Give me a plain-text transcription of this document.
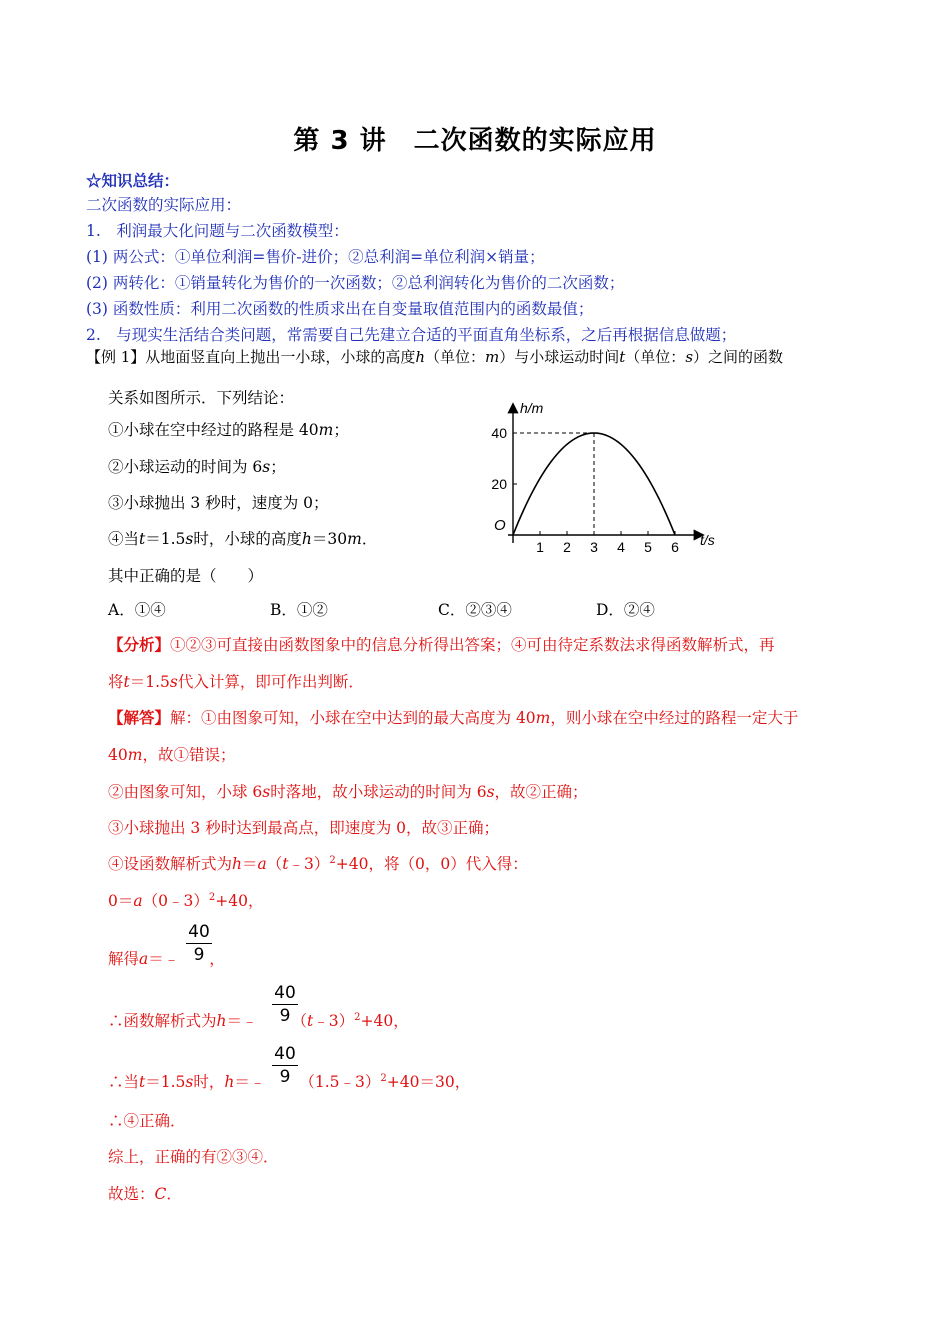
第 3 讲　二次函数的实际应用
☆知识总结：
二次函数的实际应用：
1.　利润最大化问题与二次函数模型：
(1) 两公式：①单位利润=售价-进价；②总利润=单位利润×销量；
(2) 两转化：①销量转化为售价的一次函数；②总利润转化为售价的二次函数；
(3) 函数性质：利用二次函数的性质求出在自变量取值范围内的函数最值；
2.　与现实生活结合类问题，常需要自己先建立合适的平面直角坐标系，之后再根据信息做题；
【例 1】从地面竖直向上抛出一小球，小球的高度h（单位：m）与小球运动时间t（单位：s）之间的函数
关系如图所示．下列结论：
①小球在空中经过的路程是 40m；
②小球运动的时间为 6s；
③小球抛出 3 秒时，速度为 0；
④当t＝1.5s时，小球的高度h＝30m．
其中正确的是（　　）
A．①④	B．①②	C．②③④	D．②④
1 2 3 4 5 6
20
40
h/m
t/s
O
【分析】①②③可直接由函数图象中的信息分析得出答案；④可由待定系数法求得函数解析式，再
将t＝1.5s代入计算，即可作出判断．
【解答】解：①由图象可知，小球在空中达到的最大高度为 40m，则小球在空中经过的路程一定大于
40m，故①错误；
②由图象可知，小球 6s时落地，故小球运动的时间为 6s，故②正确；
③小球抛出 3 秒时达到最高点，即速度为 0，故③正确；
④设函数解析式为h＝a（t﹣3）$^2$+40，将（0，0）代入得：
0＝a（0﹣3）$^2$+40，
解得a＝﹣ ，
40
9
∴函数解析式为h＝﹣ （t﹣3）$^2$+40，
40
9
∴当t＝1.5s时，h＝﹣ （1.5﹣3）$^2$+40＝30，
40
9
∴④正确．
综上，正确的有②③④．
故选：C．
